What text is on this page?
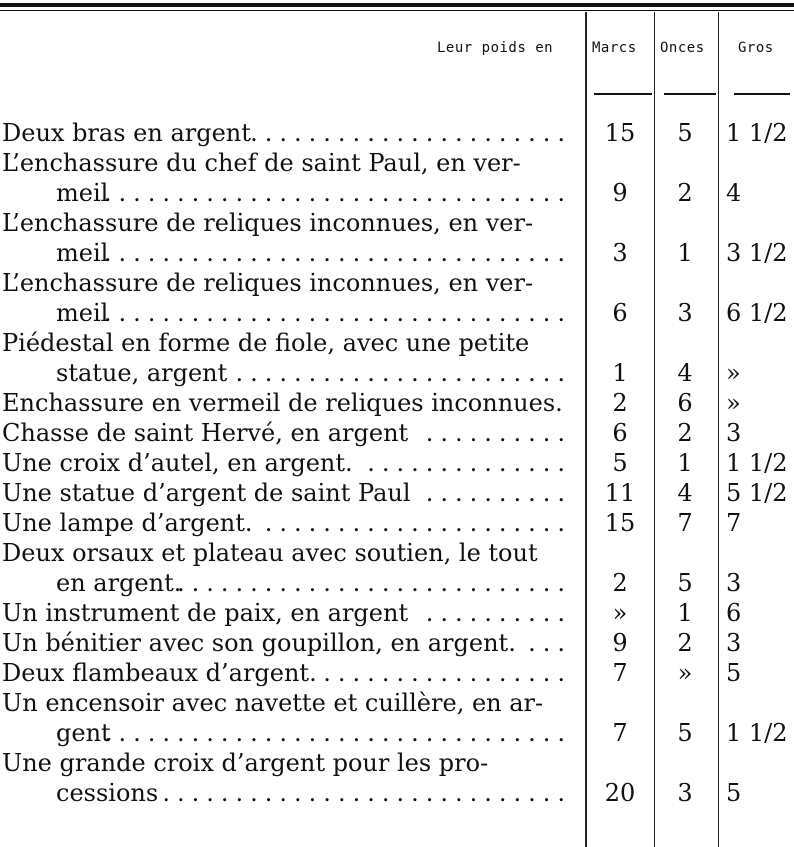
Leur poids en	Marcs Onces Gros
Deux bras en argent ......................	15	5	1 1/2
L’enchassure du chef de saint Paul, en ver-
meil
................................	9	2	4
L’enchassure de reliques inconnues, en ver-
meil
................................	3	1	3 1/2
L’enchassure de reliques inconnues, en ver-
meil
................................	6	3	6 1/2
Piédestal en forme de fiole, avec une petite
statue, argent .......................	1	4	»
Enchassure en vermeil de reliques inconnues.	2	6	»
Chasse de saint Hervé, en argent ..........	6	2	3
Une croix d’autel, en argent. ..............	5	1	1 1/2
Une statue d’argent de saint Paul ..........	11	4	5 1/2
Une lampe d’argent. .....................	15	7	7
Deux orsaux et plateau avec soutien, le tout
en argent.
...........................	2	5	3
Un instrument de paix, en argent ..........	»	1	6
Un bénitier avec son goupillon, en argent. ...	9	2	3
Deux flambeaux d’argent. .................	7	»	5
Un encensoir avec navette et cuillère, en ar-
gent
................................	7	5	1 1/2
Une grande croix d’argent pour les pro-
cessions ............................	20	3	5
